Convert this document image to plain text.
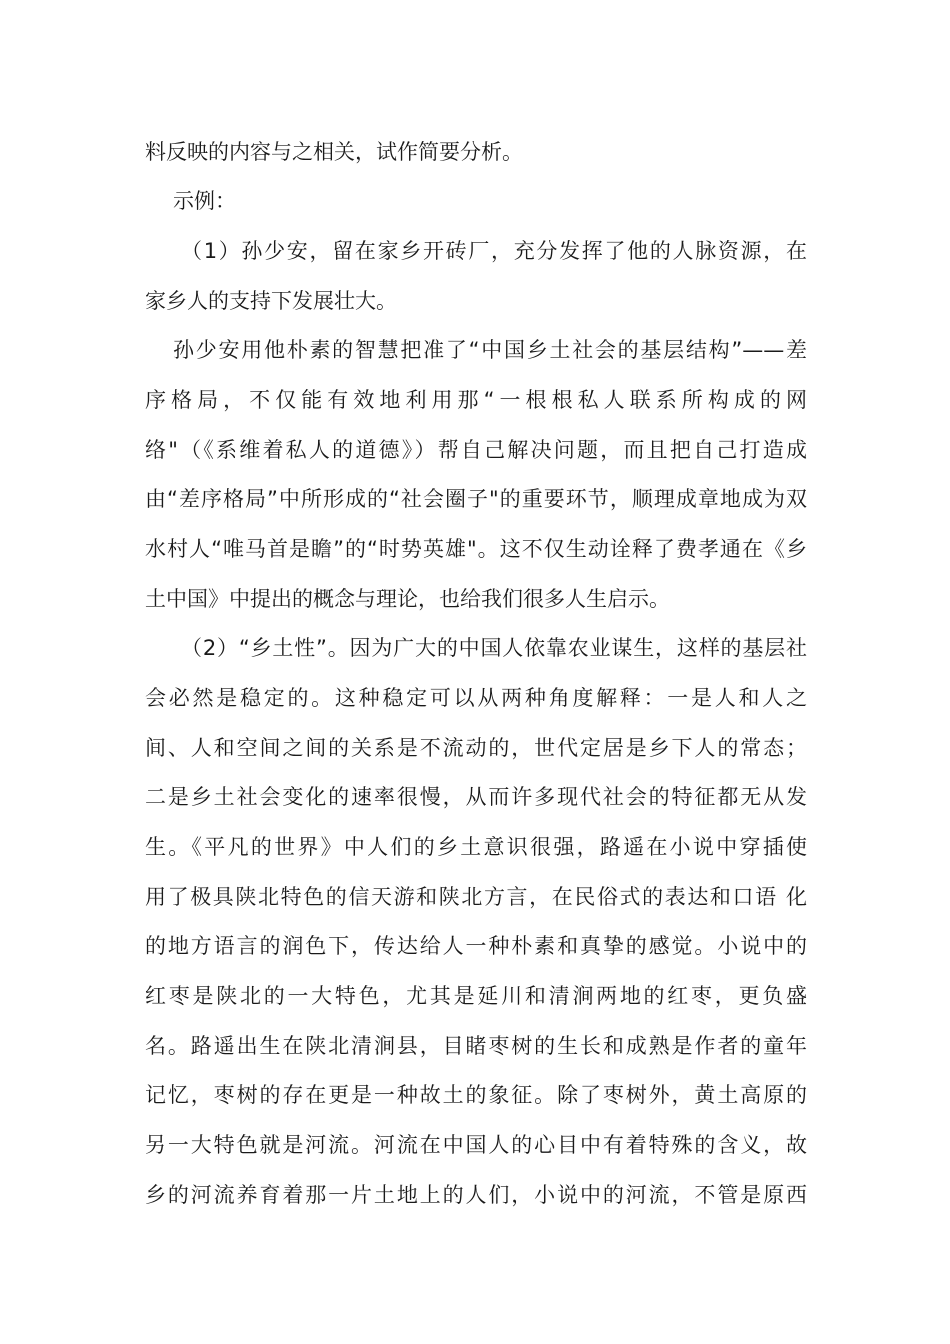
料反映的内容与之相关，试作简要分析。
示例：
（1）孙少安，留在家乡开砖厂，充分发挥了他的人脉资源，在
家乡人的支持下发展壮大。
孙少安用他朴素的智慧把准了“中国乡土社会的基层结构”——差
序格局，不仅能有效地利用那“一根根私人联系所构成的网
络"（《系维着私人的道德》）帮自己解决问题，而且把自己打造成
由“差序格局”中所形成的“社会圈子"的重要环节，顺理成章地成为双
水村人“唯马首是瞻”的“时势英雄"。这不仅生动诠释了费孝通在《乡
土中国》中提出的概念与理论，也给我们很多人生启示。
（2）“乡土性”。因为广大的中国人依靠农业谋生，这样的基层社
会必然是稳定的。这种稳定可以从两种角度解释：一是人和人之
间、人和空间之间的关系是不流动的，世代定居是乡下人的常态；
二是乡土社会变化的速率很慢，从而许多现代社会的特征都无从发
生。《平凡的世界》中人们的乡土意识很强，路遥在小说中穿插使
用了极具陕北特色的信天游和陕北方言，在民俗式的表达和口语 化
的地方语言的润色下，传达给人一种朴素和真挚的感觉。小说中的
红枣是陕北的一大特色，尤其是延川和清涧两地的红枣，更负盛
名。路遥出生在陕北清涧县，目睹枣树的生长和成熟是作者的童年
记忆，枣树的存在更是一种故土的象征。除了枣树外，黄土高原的
另一大特色就是河流。河流在中国人的心目中有着特殊的含义，故
乡的河流养育着那一片土地上的人们，小说中的河流，不管是原西
